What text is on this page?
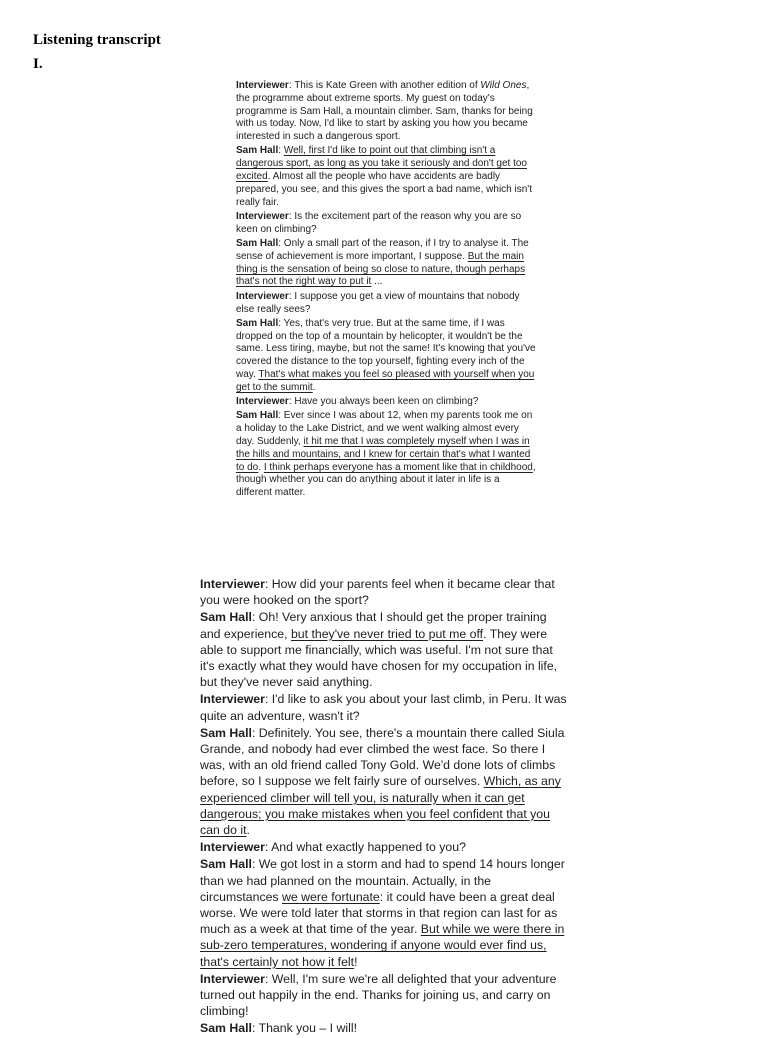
Listening transcript
I.

Interviewer: This is Kate Green with another edition of Wild Ones, the programme about extreme sports. My guest on today's programme is Sam Hall, a mountain climber. Sam, thanks for being with us today. Now, I'd like to start by asking you how you became interested in such a dangerous sport.

Sam Hall: Well, first I'd like to point out that climbing isn't a dangerous sport, as long as you take it seriously and don't get too excited. Almost all the people who have accidents are badly prepared, you see, and this gives the sport a bad name, which isn't really fair.

Interviewer: Is the excitement part of the reason why you are so keen on climbing?

Sam Hall: Only a small part of the reason, if I try to analyse it. The sense of achievement is more important, I suppose. But the main thing is the sensation of being so close to nature, though perhaps that's not the right way to put it ...

Interviewer: I suppose you get a view of mountains that nobody else really sees?

Sam Hall: Yes, that's very true. But at the same time, if I was dropped on the top of a mountain by helicopter, it wouldn't be the same. Less tiring, maybe, but not the same! It's knowing that you've covered the distance to the top yourself, fighting every inch of the way. That's what makes you feel so pleased with yourself when you get to the summit.

Interviewer: Have you always been keen on climbing?

Sam Hall: Ever since I was about 12, when my parents took me on a holiday to the Lake District, and we went walking almost every day. Suddenly, it hit me that I was completely myself when I was in the hills and mountains, and I knew for certain that's what I wanted to do. I think perhaps everyone has a moment like that in childhood, though whether you can do anything about it later in life is a different matter.

Interviewer: How did your parents feel when it became clear that you were hooked on the sport?

Sam Hall: Oh! Very anxious that I should get the proper training and experience, but they've never tried to put me off. They were able to support me financially, which was useful. I'm not sure that it's exactly what they would have chosen for my occupation in life, but they've never said anything.

Interviewer: I'd like to ask you about your last climb, in Peru. It was quite an adventure, wasn't it?

Sam Hall: Definitely. You see, there's a mountain there called Siula Grande, and nobody had ever climbed the west face. So there I was, with an old friend called Tony Gold. We'd done lots of climbs before, so I suppose we felt fairly sure of ourselves. Which, as any experienced climber will tell you, is naturally when it can get dangerous; you make mistakes when you feel confident that you can do it.

Interviewer: And what exactly happened to you?

Sam Hall: We got lost in a storm and had to spend 14 hours longer than we had planned on the mountain. Actually, in the circumstances we were fortunate: it could have been a great deal worse. We were told later that storms in that region can last for as much as a week at that time of the year. But while we were there in sub-zero temperatures, wondering if anyone would ever find us, that's certainly not how it felt!

Interviewer: Well, I'm sure we're all delighted that your adventure turned out happily in the end. Thanks for joining us, and carry on climbing!

Sam Hall: Thank you – I will!
